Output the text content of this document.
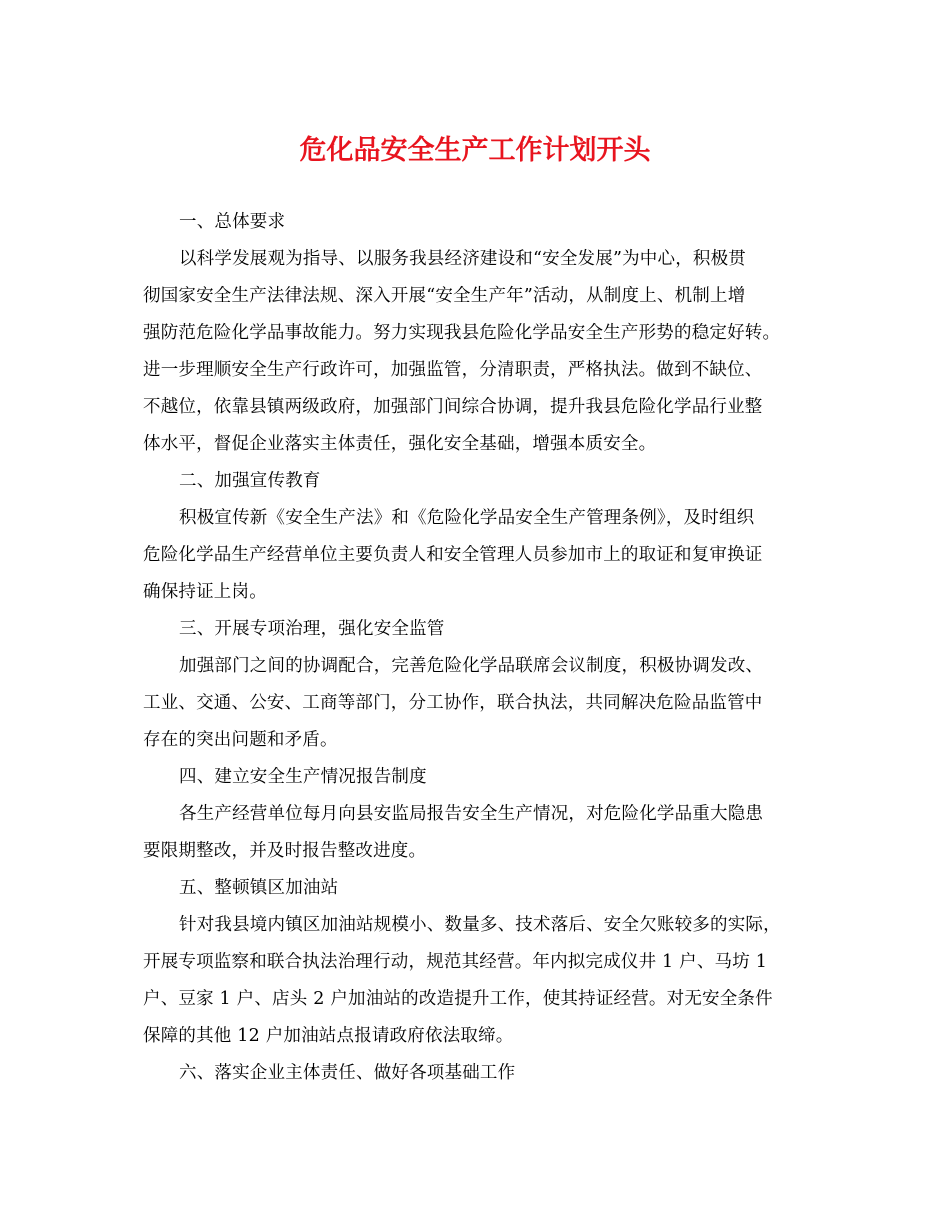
危化品安全生产工作计划开头
一、总体要求
以科学发展观为指导、以服务我县经济建设和“安全发展”为中心，积极贯
彻国家安全生产法律法规、深入开展“安全生产年”活动，从制度上、机制上增
强防范危险化学品事故能力。努力实现我县危险化学品安全生产形势的稳定好转。
进一步理顺安全生产行政许可，加强监管，分清职责，严格执法。做到不缺位、
不越位，依靠县镇两级政府，加强部门间综合协调，提升我县危险化学品行业整
体水平，督促企业落实主体责任，强化安全基础，增强本质安全。
二、加强宣传教育
积极宣传新《安全生产法》和《危险化学品安全生产管理条例》，及时组织
危险化学品生产经营单位主要负责人和安全管理人员参加市上的取证和复审换证
确保持证上岗。
三、开展专项治理，强化安全监管
加强部门之间的协调配合，完善危险化学品联席会议制度，积极协调发改、
工业、交通、公安、工商等部门，分工协作，联合执法，共同解决危险品监管中
存在的突出问题和矛盾。
四、建立安全生产情况报告制度
各生产经营单位每月向县安监局报告安全生产情况，对危险化学品重大隐患
要限期整改，并及时报告整改进度。
五、整顿镇区加油站
针对我县境内镇区加油站规模小、数量多、技术落后、安全欠账较多的实际，
开展专项监察和联合执法治理行动，规范其经营。年内拟完成仪井 1 户、马坊 1
户、豆家 1 户、店头 2 户加油站的改造提升工作，使其持证经营。对无安全条件
保障的其他 12 户加油站点报请政府依法取缔。
六、落实企业主体责任、做好各项基础工作
